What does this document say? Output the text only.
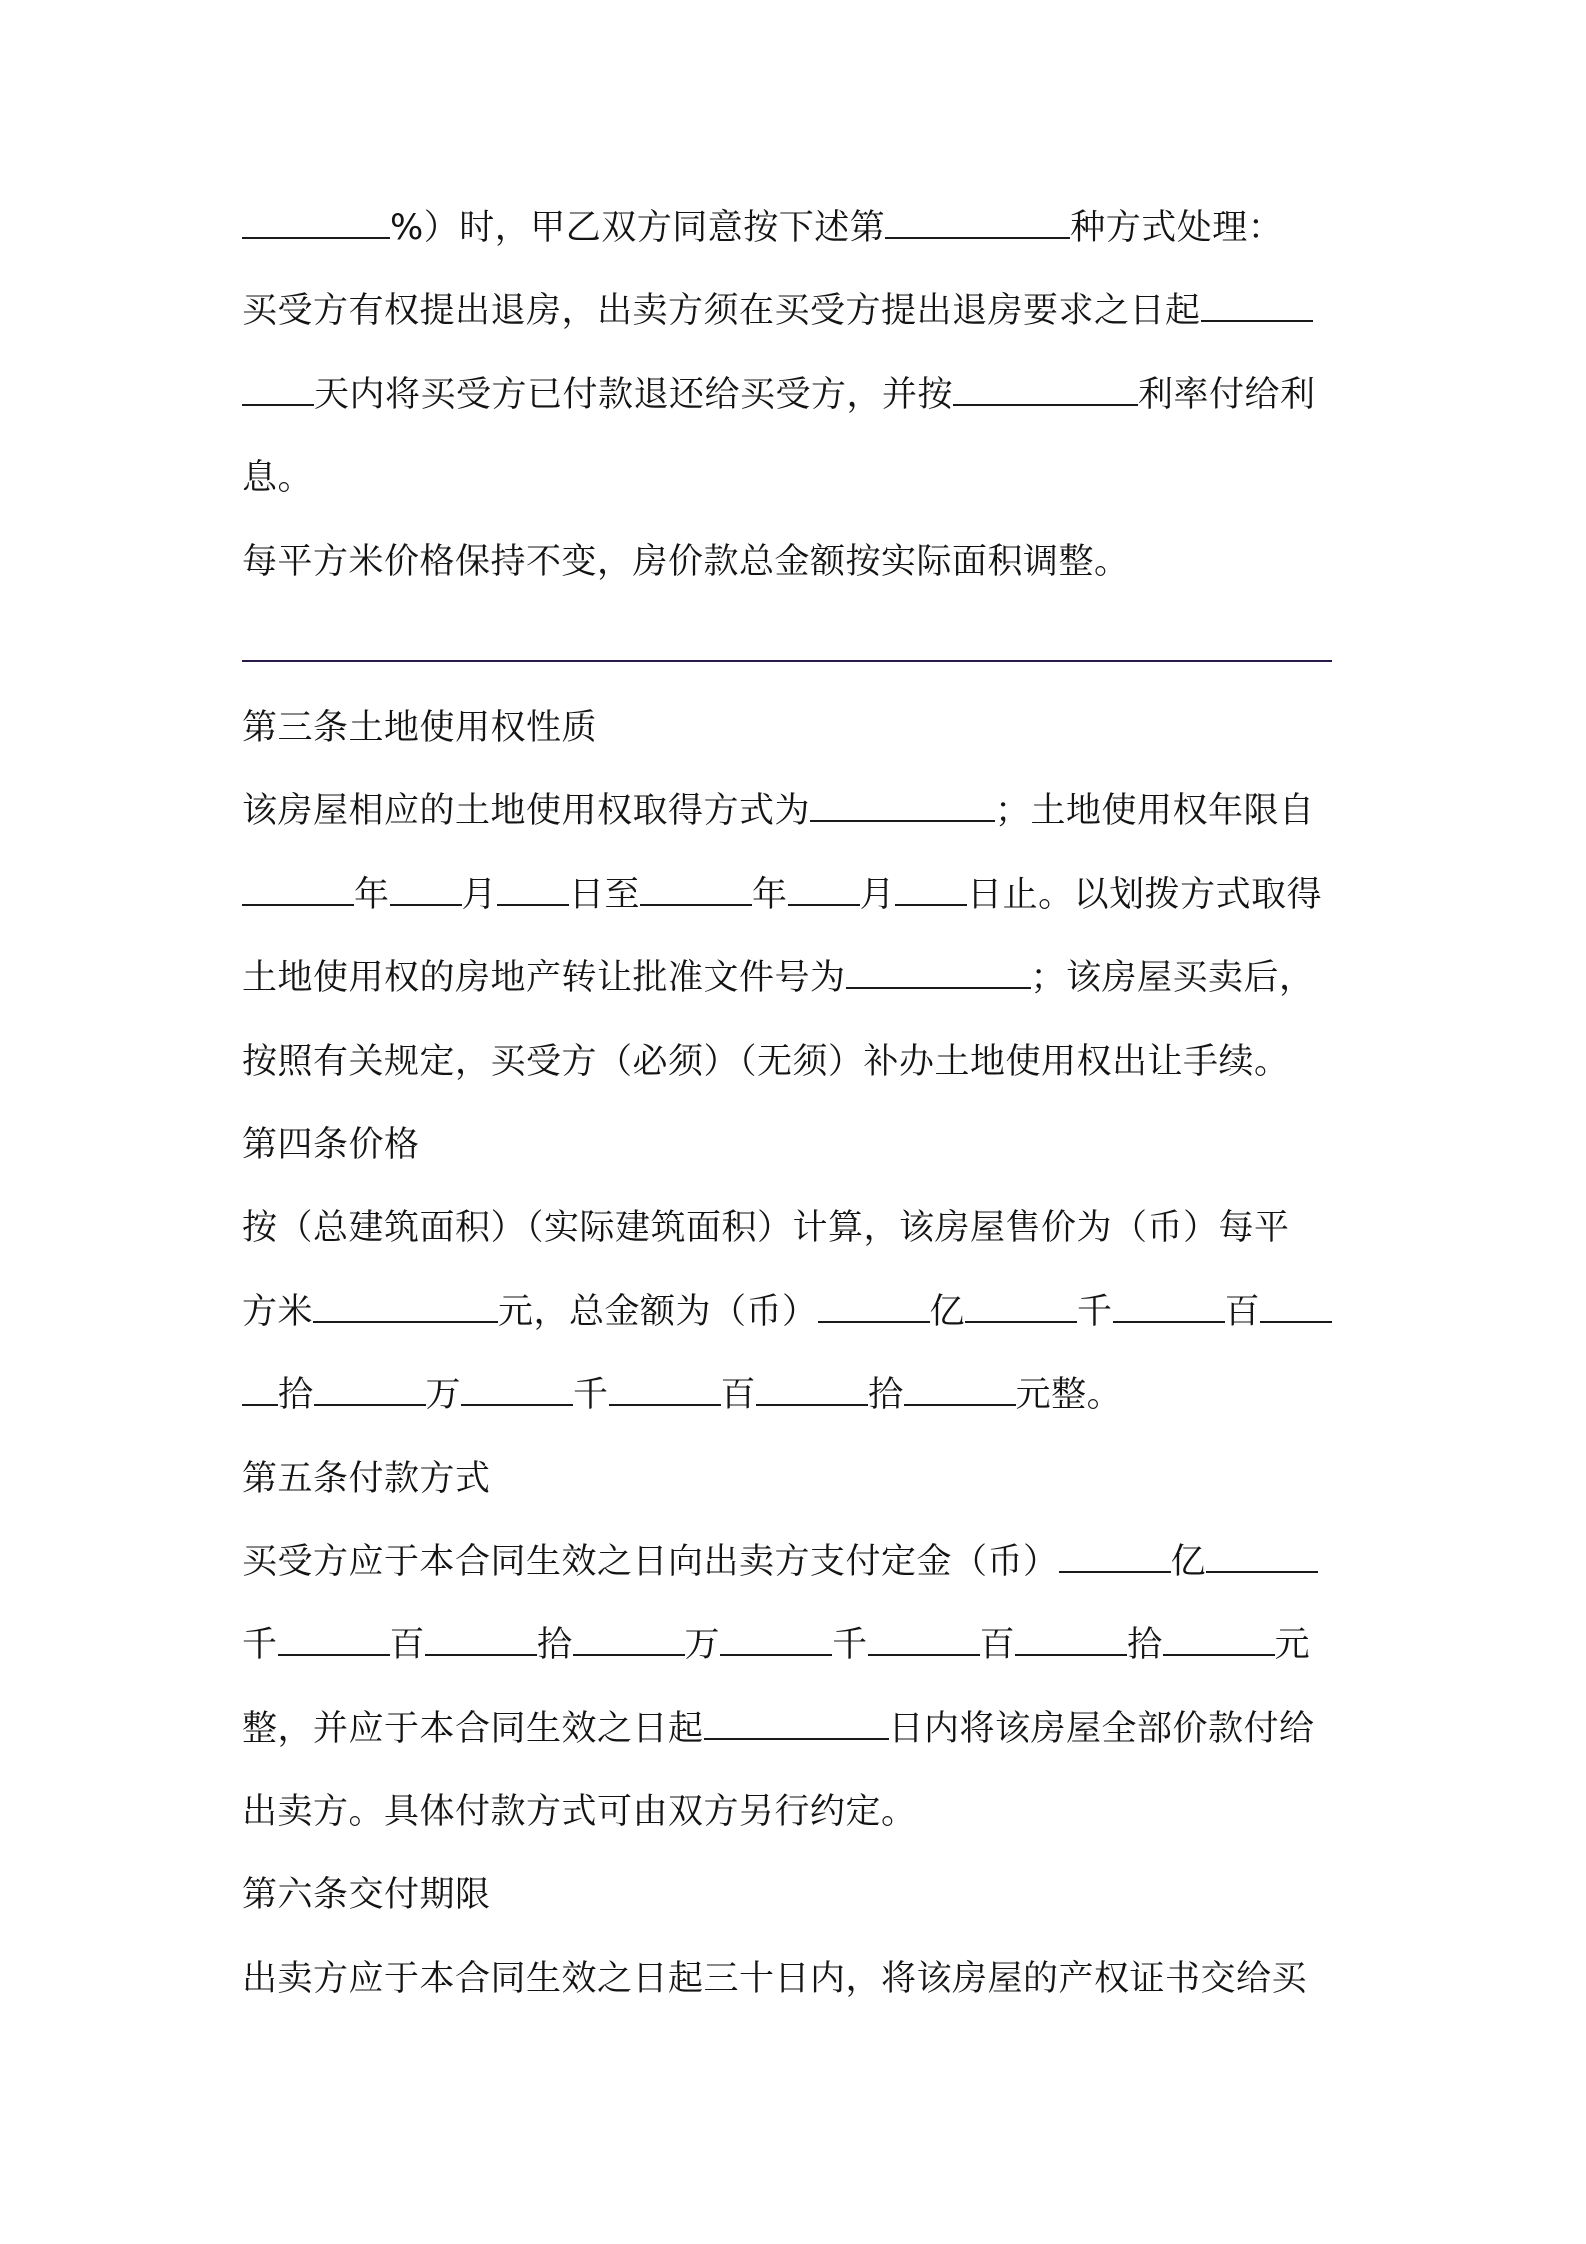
%）时，甲乙双方同意按下述第	种方式处理：
买受方有权提出退房，出卖方须在买受方提出退房要求之日起
天内将买受方已付款退还给买受方，并按	利率付给利
息。
每平方米价格保持不变，房价款总金额按实际面积调整。
第三条土地使用权性质
该房屋相应的土地使用权取得方式为	；土地使用权年限自
年 月 日至	年 月 日止。以划拨方式取得
土地使用权的房地产转让批准文件号为	；该房屋买卖后，
按照有关规定，买受方（必须）（无须）补办土地使用权出让手续。
第四条价格
按（总建筑面积）（实际建筑面积）计算，该房屋售价为（币）每平
方米	元，总金额为（币）	亿	千	百
拾	万	千	百	拾	元整。
第五条付款方式
买受方应于本合同生效之日向出卖方支付定金（币）	亿
千	百	拾	万	千	百	拾	元
整，并应于本合同生效之日起	日内将该房屋全部价款付给
出卖方。具体付款方式可由双方另行约定。
第六条交付期限
出卖方应于本合同生效之日起三十日内，将该房屋的产权证书交给买
